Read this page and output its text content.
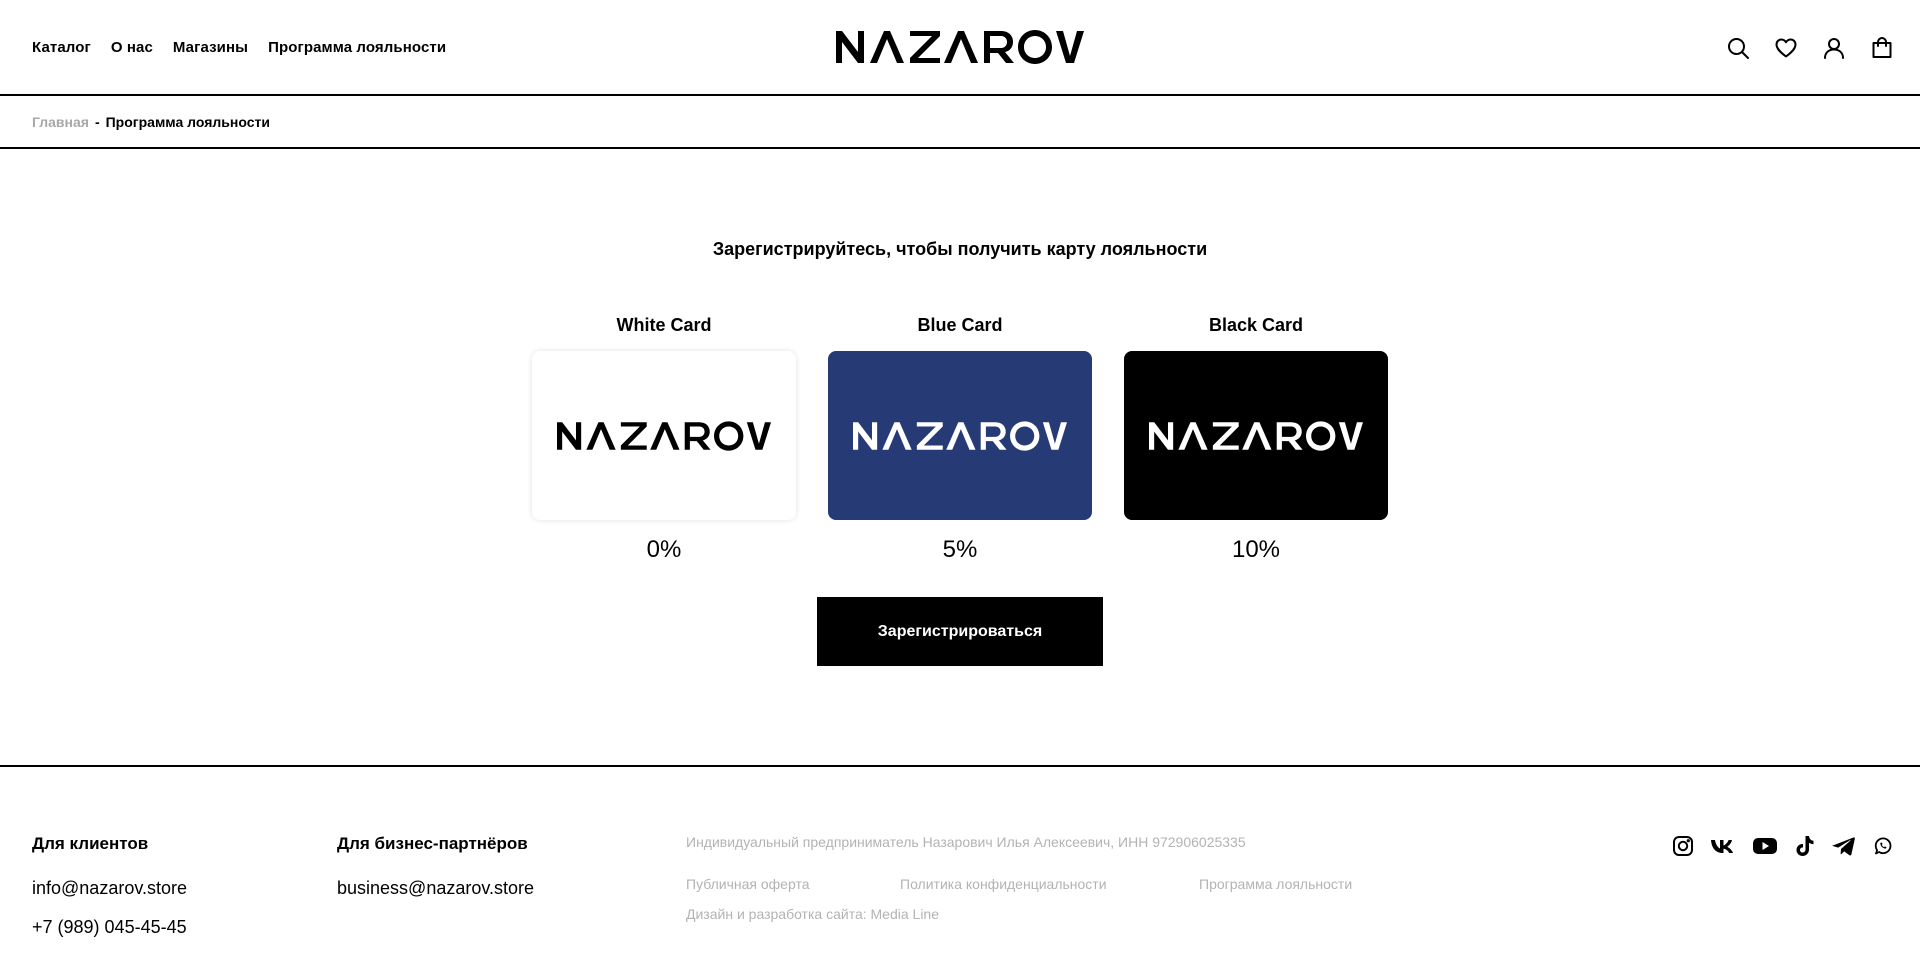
Каталог О нас Магазины Программа лояльности
Главная - Программа лояльности
Зарегистрируйтесь, чтобы получить карту лояльности
White Card
0%
Blue Card
5%
Black Card
10%
Зарегистрироваться
Для клиентов
info@nazarov.store
+7 (989) 045-45-45
Для бизнес-партнёров
business@nazarov.store
Индивидуальный предприниматель Назарович Илья Алексеевич, ИНН 972906025335
Публичная оферта	Политика конфиденциальности	Программа лояльности
Дизайн и разработка сайта: Media Line
